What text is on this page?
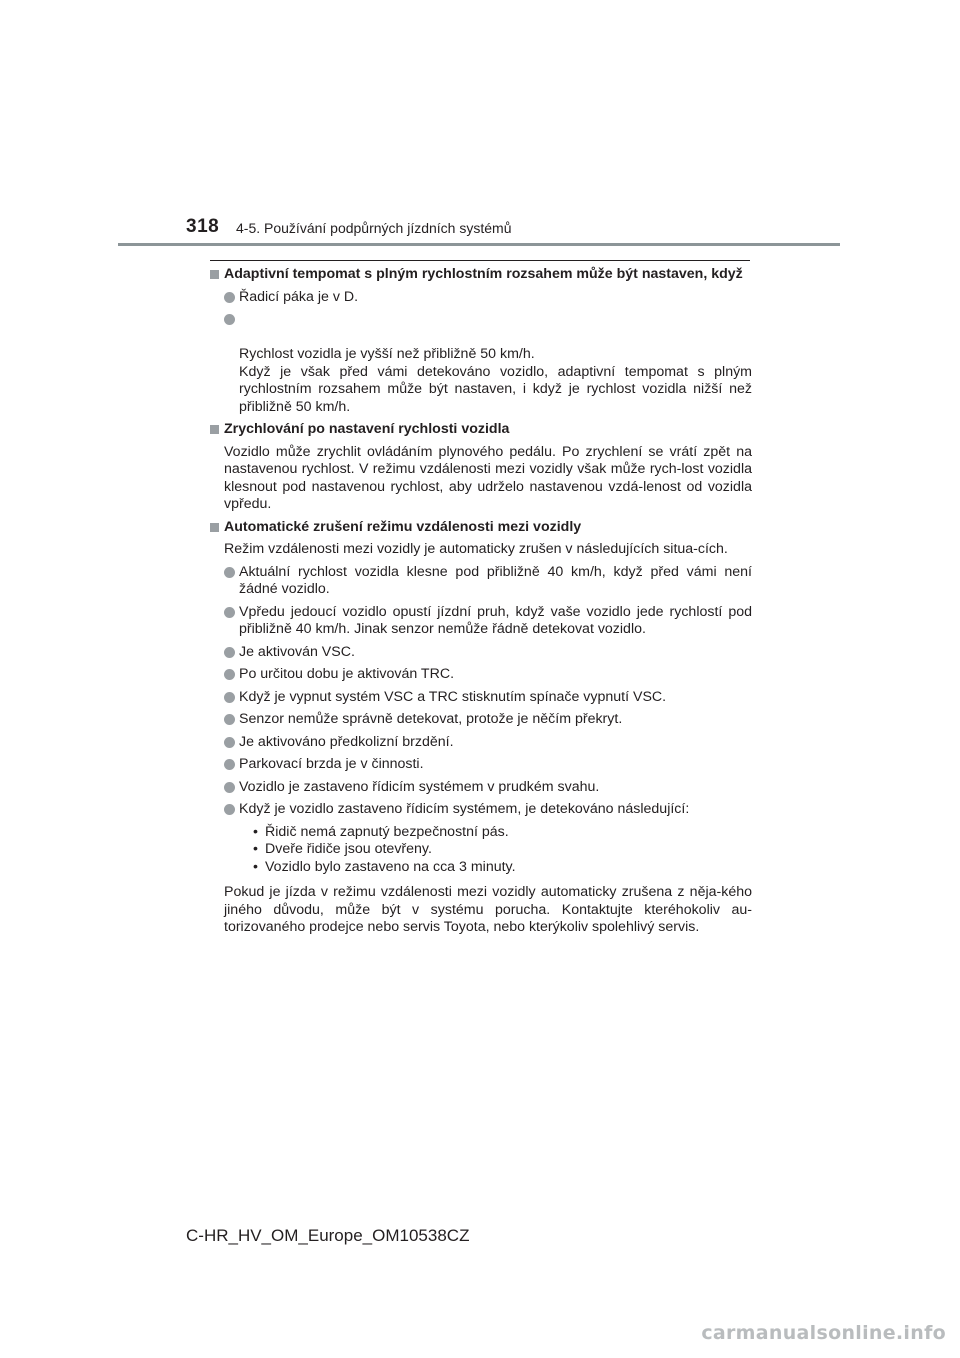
318 4-5. Používání podpůrných jízdních systémů
Adaptivní tempomat s plným rychlostním rozsahem může být nastaven, když
Řadicí páka je v D.

Rychlost vozidla je vyšší než přibližně 50 km/h.
Když je však před vámi detekováno vozidlo, adaptivní tempomat s plným rychlostním rozsahem může být nastaven, i když je rychlost vozidla nižší než přibližně 50 km/h.

Zrychlování po nastavení rychlosti vozidla
Vozidlo může zrychlit ovládáním plynového pedálu. Po zrychlení se vrátí zpět na nastavenou rychlost. V režimu vzdálenosti mezi vozidly však může rych-lost vozidla klesnout pod nastavenou rychlost, aby udrželo nastavenou vzdá-lenost od vozidla vpředu.
Automatické zrušení režimu vzdálenosti mezi vozidly
Režim vzdálenosti mezi vozidly je automaticky zrušen v následujících situa-cích.
Aktuální rychlost vozidla klesne pod přibližně 40 km/h, když před vámi není žádné vozidlo.
Vpředu jedoucí vozidlo opustí jízdní pruh, když vaše vozidlo jede rychlostí pod přibližně 40 km/h. Jinak senzor nemůže řádně detekovat vozidlo.
Je aktivován VSC.
Po určitou dobu je aktivován TRC.
Když je vypnut systém VSC a TRC stisknutím spínače vypnutí VSC.
Senzor nemůže správně detekovat, protože je něčím překryt.
Je aktivováno předkolizní brzdění.
Parkovací brzda je v činnosti.
Vozidlo je zastaveno řídicím systémem v prudkém svahu.
Když je vozidlo zastaveno řídicím systémem, je detekováno následující:
• Řidič nemá zapnutý bezpečnostní pás.
• Dveře řidiče jsou otevřeny.
• Vozidlo bylo zastaveno na cca 3 minuty.
Pokud je jízda v režimu vzdálenosti mezi vozidly automaticky zrušena z něja-kého jiného důvodu, může být v systému porucha. Kontaktujte kteréhokoliv au-torizovaného prodejce nebo servis Toyota, nebo kterýkoliv spolehlivý servis.
C-HR_HV_OM_Europe_OM10538CZ
carmanualsonline.info
